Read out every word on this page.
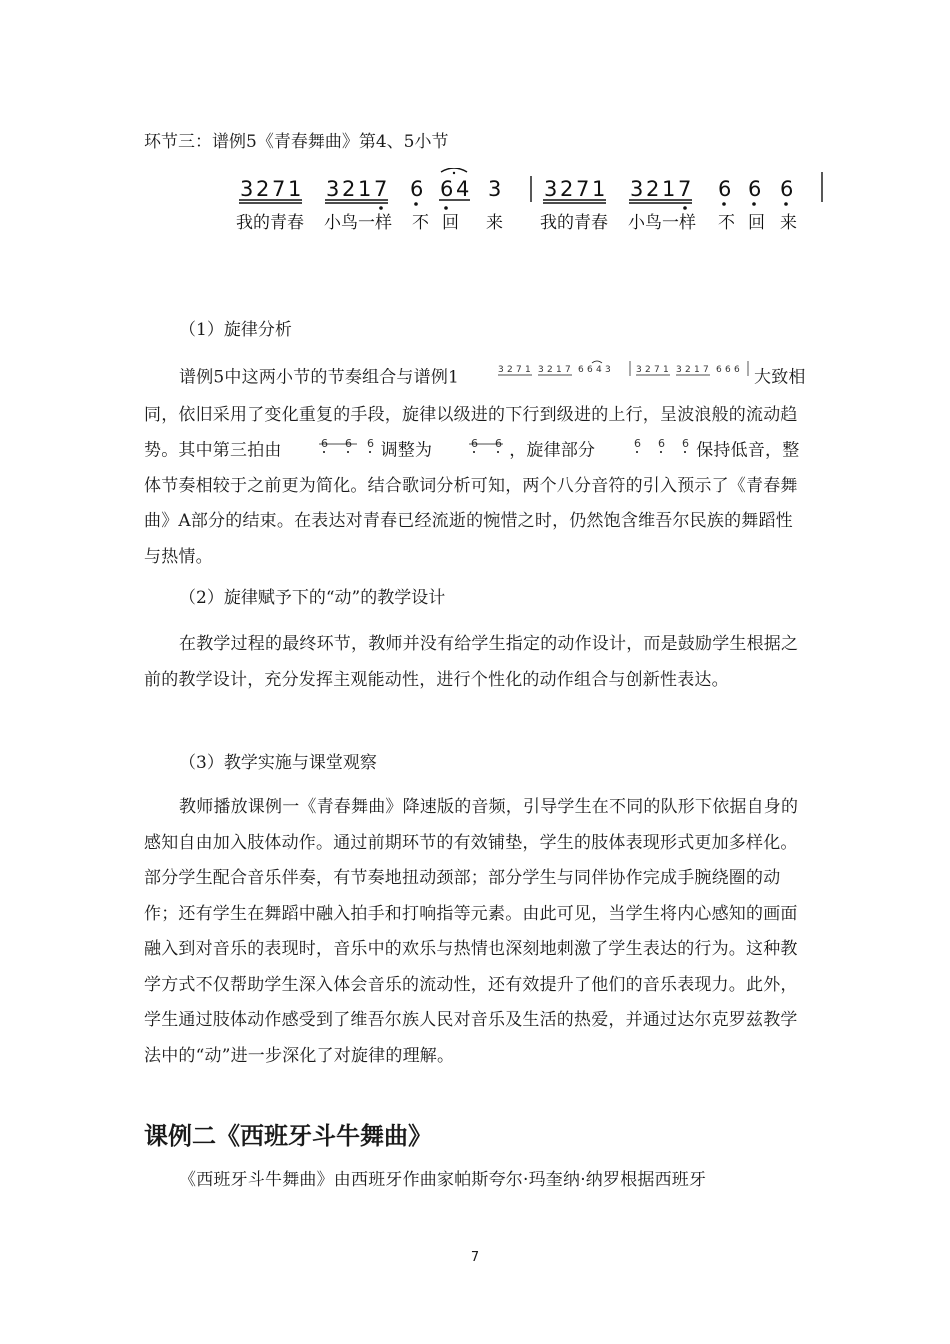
环节三：谱例5《青春舞曲》第4、5小节
3 2 7 1 3 2 1 7 6 6 4 3 3 2 7 1 3 2 1 7 6 6 6
我的青春 小鸟一样 不 回 来 我的青春 小鸟一样 不 回 来
（1）旋律分析

谱例5中这两小节的节奏组合与谱例1	3 2 7 1 3 2 1 7 6 6 4 3	3 2 7 1 3 2 1 7 6 6 6 大致相同，依旧采用了变化重复的手段，旋律以级进的下行到级进的上行，呈波浪般的流动趋势。其中第三拍由	6 6 6 调整为	6 6 ，旋律部分	6 6 6 保持低音，整体节奏相较于之前更为简化。结合歌词分析可知，两个八分音符的引入预示了《青春舞曲》A部分的结束。在表达对青春已经流逝的惋惜之时，仍然饱含维吾尔民族的舞蹈性与热情。

（2）旋律赋予下的“动”的教学设计

在教学过程的最终环节，教师并没有给学生指定的动作设计，而是鼓励学生根据之前的教学设计，充分发挥主观能动性，进行个性化的动作组合与创新性表达。

（3）教学实施与课堂观察

教师播放课例一《青春舞曲》降速版的音频，引导学生在不同的队形下依据自身的感知自由加入肢体动作。通过前期环节的有效铺垫，学生的肢体表现形式更加多样化。部分学生配合音乐伴奏，有节奏地扭动颈部；部分学生与同伴协作完成手腕绕圈的动作；还有学生在舞蹈中融入拍手和打响指等元素。由此可见，当学生将内心感知的画面融入到对音乐的表现时，音乐中的欢乐与热情也深刻地刺激了学生表达的行为。这种教学方式不仅帮助学生深入体会音乐的流动性，还有效提升了他们的音乐表现力。此外，学生通过肢体动作感受到了维吾尔族人民对音乐及生活的热爱，并通过达尔克罗兹教学法中的“动”进一步深化了对旋律的理解。

课例二《西班牙斗牛舞曲》

《西班牙斗牛舞曲》由西班牙作曲家帕斯夸尔·玛奎纳·纳罗根据西班牙

7
